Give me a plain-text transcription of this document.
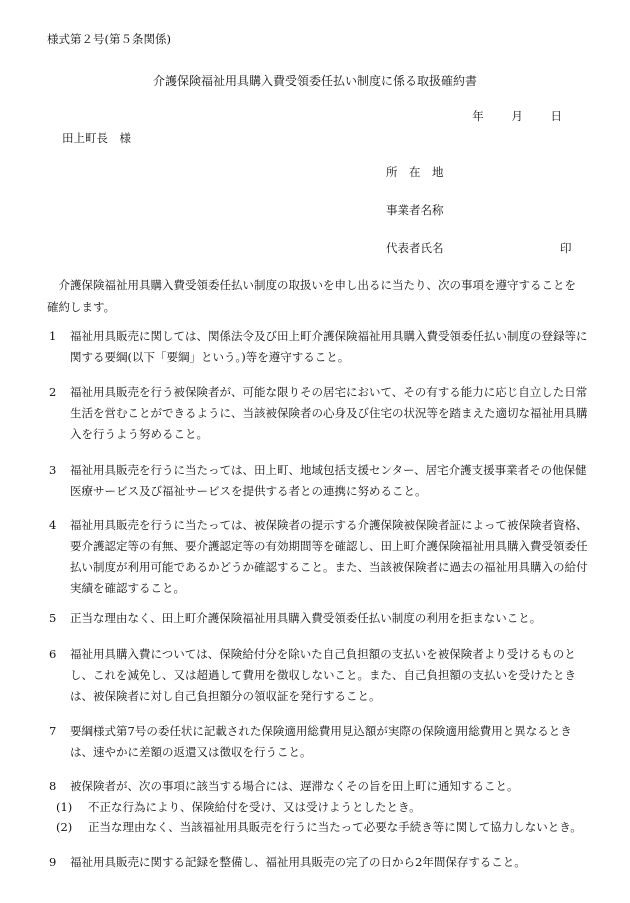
様式第２号(第５条関係)
介護保険福祉用具購入費受領委任払い制度に係る取扱確約書
年 月 日
田上町長　様
所　在　地
事業者名称
代表者氏名	印
　介護保険福祉用具購入費受領委任払い制度の取扱いを申し出るに当たり、次の事項を遵守することを確約します。
1	福祉用具販売に関しては、関係法令及び田上町介護保険福祉用具購入費受領委任払い制度の登録等に関する要綱(以下「要綱」という。)等を遵守すること。
2	福祉用具販売を行う被保険者が、可能な限りその居宅において、その有する能力に応じ自立した日常生活を営むことができるように、当該被保険者の心身及び住宅の状況等を踏まえた適切な福祉用具購入を行うよう努めること。
3	福祉用具販売を行うに当たっては、田上町、地域包括支援センター、居宅介護支援事業者その他保健医療サービス及び福祉サービスを提供する者との連携に努めること。
4	福祉用具販売を行うに当たっては、被保険者の提示する介護保険被保険者証によって被保険者資格、要介護認定等の有無、要介護認定等の有効期間等を確認し、田上町介護保険福祉用具購入費受領委任払い制度が利用可能であるかどうか確認すること。また、当該被保険者に過去の福祉用具購入の給付実績を確認すること。
5	正当な理由なく、田上町介護保険福祉用具購入費受領委任払い制度の利用を拒まないこと。
6	福祉用具購入費については、保険給付分を除いた自己負担額の支払いを被保険者より受けるものとし、これを減免し、又は超過して費用を徴収しないこと。また、自己負担額の支払いを受けたときは、被保険者に対し自己負担額分の領収証を発行すること。
7	要綱様式第7号の委任状に記載された保険適用総費用見込額が実際の保険適用総費用と異なるときは、速やかに差額の返還又は徴収を行うこと。
8	被保険者が、次の事項に該当する場合には、遅滞なくその旨を田上町に通知すること。
(1) 不正な行為により、保険給付を受け、又は受けようとしたとき。
(2) 正当な理由なく、当該福祉用具販売を行うに当たって必要な手続き等に関して協力しないとき。
9	福祉用具販売に関する記録を整備し、福祉用具販売の完了の日から2年間保存すること。
